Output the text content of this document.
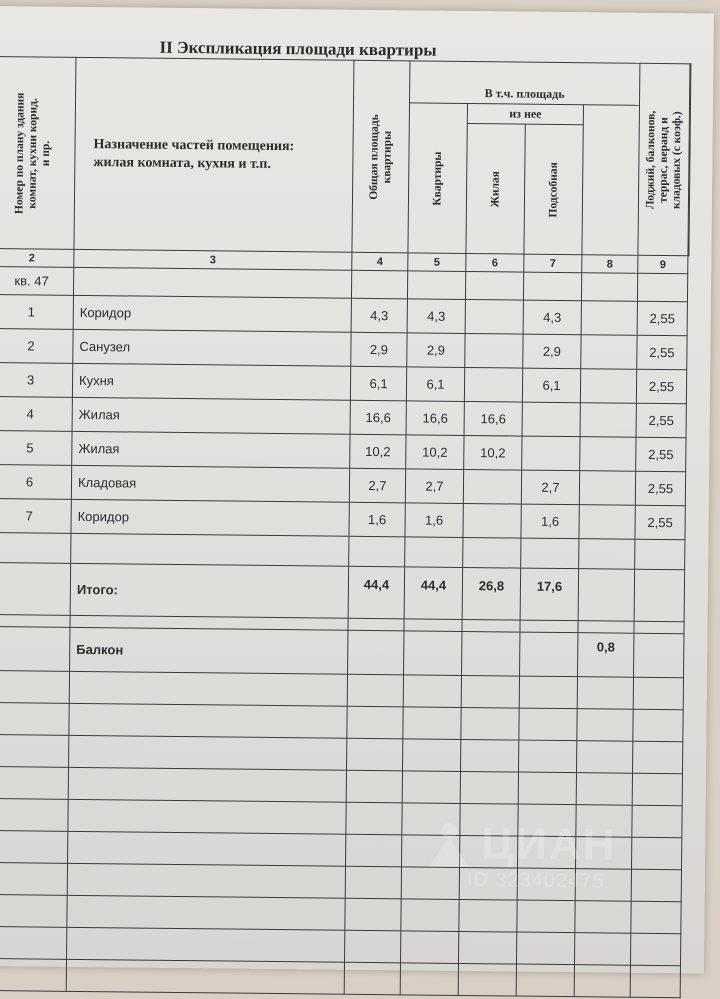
II Экспликация площади квартиры
Номер по плану здания
комнат, кухни корид.
и пр.	Назначение частей помещения:
жилая комната, кухня и т.п.	Общая площадь
квартиры	В т.ч. площадь				Лоджий, балконов,
террас, веранд и
кладовых (с коэф.)

			Квартиры	из нее				

				Жилая	Подсобная			

2	3	4	5	6	7	8	9	
кв. 47								
1	Коридор	4,3	4,3		4,3		2,55	
2	Санузел	2,9	2,9		2,9		2,55	
3	Кухня	6,1	6,1		6,1		2,55	
4	Жилая	16,6	16,6	16,6			2,55	
5	Жилая	10,2	10,2	10,2			2,55	
6	Кладовая	2,7	2,7		2,7		2,55	
7	Коридор	1,6	1,6		1,6		2,55	

	Итого:	44,4	44,4	26,8	17,6			

	Балкон					0,8		

ЦИАН
ID 323402475
